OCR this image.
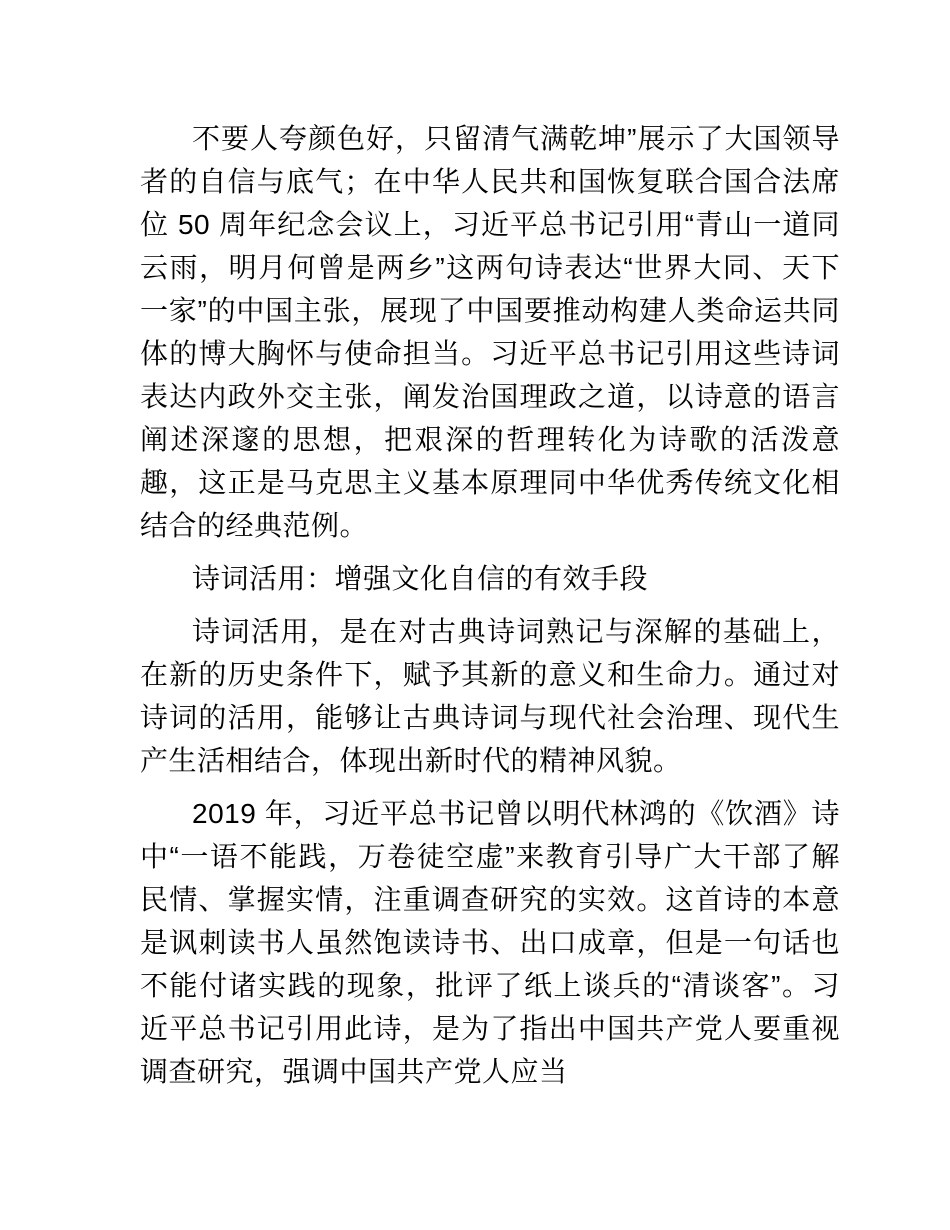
不要人夸颜色好，只留清气满乾坤”展示了大国领导者的自信与底气；在中华人民共和国恢复联合国合法席位 50 周年纪念会议上，习近平总书记引用“青山一道同云雨，明月何曾是两乡”这两句诗表达“世界大同、天下一家”的中国主张，展现了中国要推动构建人类命运共同体的博大胸怀与使命担当。习近平总书记引用这些诗词表达内政外交主张，阐发治国理政之道，以诗意的语言阐述深邃的思想，把艰深的哲理转化为诗歌的活泼意趣，这正是马克思主义基本原理同中华优秀传统文化相结合的经典范例。

诗词活用：增强文化自信的有效手段

诗词活用，是在对古典诗词熟记与深解的基础上，在新的历史条件下，赋予其新的意义和生命力。通过对诗词的活用，能够让古典诗词与现代社会治理、现代生产生活相结合，体现出新时代的精神风貌。

2019 年，习近平总书记曾以明代林鸿的《饮酒》诗中“一语不能践，万卷徒空虚”来教育引导广大干部了解民情、掌握实情，注重调查研究的实效。这首诗的本意是讽刺读书人虽然饱读诗书、出口成章，但是一句话也不能付诸实践的现象，批评了纸上谈兵的“清谈客”。习近平总书记引用此诗，是为了指出中国共产党人要重视调查研究，强调中国共产党人应当
